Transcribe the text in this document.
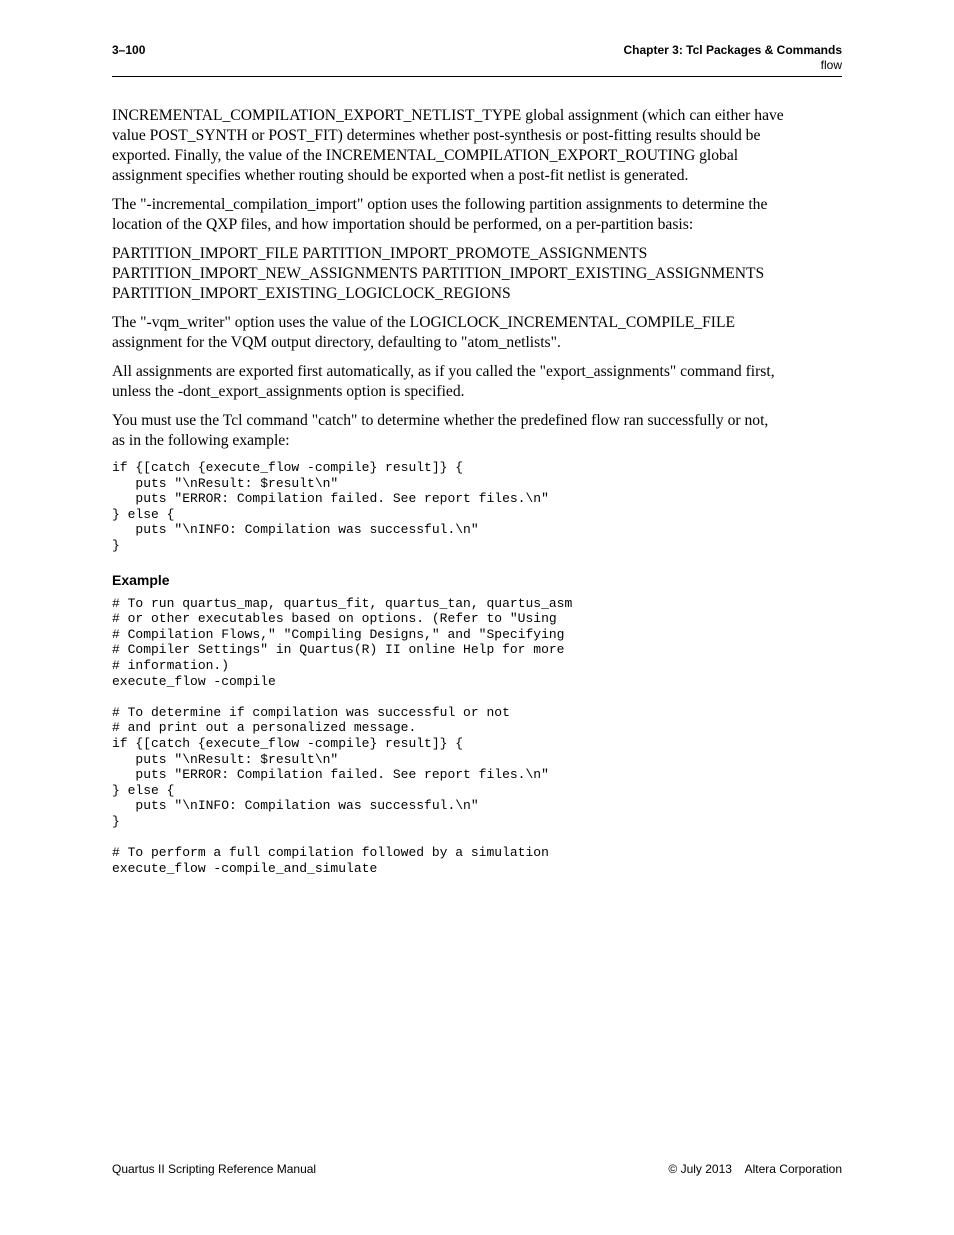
3–100	Chapter 3: Tcl Packages & Commands
flow

INCREMENTAL_COMPILATION_EXPORT_NETLIST_TYPE global assignment (which can either have
value POST_SYNTH or POST_FIT) determines whether post-synthesis or post-fitting results should be
exported. Finally, the value of the INCREMENTAL_COMPILATION_EXPORT_ROUTING global
assignment specifies whether routing should be exported when a post-fit netlist is generated.

The "-incremental_compilation_import" option uses the following partition assignments to determine the
location of the QXP files, and how importation should be performed, on a per-partition basis:

PARTITION_IMPORT_FILE PARTITION_IMPORT_PROMOTE_ASSIGNMENTS
PARTITION_IMPORT_NEW_ASSIGNMENTS PARTITION_IMPORT_EXISTING_ASSIGNMENTS
PARTITION_IMPORT_EXISTING_LOGICLOCK_REGIONS

The "-vqm_writer" option uses the value of the LOGICLOCK_INCREMENTAL_COMPILE_FILE
assignment for the VQM output directory, defaulting to "atom_netlists".

All assignments are exported first automatically, as if you called the "export_assignments" command first,
unless the -dont_export_assignments option is specified.

You must use the Tcl command "catch" to determine whether the predefined flow ran successfully or not,
as in the following example:

if {[catch {execute_flow -compile} result]} {
puts "\nResult: $result\n"
puts "ERROR: Compilation failed. See report files.\n"
} else {
puts "\nINFO: Compilation was successful.\n"
}
Example
# To run quartus_map, quartus_fit, quartus_tan, quartus_asm
# or other executables based on options. (Refer to "Using
# Compilation Flows," "Compiling Designs," and "Specifying
# Compiler Settings" in Quartus(R) II online Help for more
# information.)
execute_flow -compile

# To determine if compilation was successful or not
# and print out a personalized message.
if {[catch {execute_flow -compile} result]} {
puts "\nResult: $result\n"
puts "ERROR: Compilation failed. See report files.\n"
} else {
puts "\nINFO: Compilation was successful.\n"
}

# To perform a full compilation followed by a simulation
execute_flow -compile_and_simulate
Quartus II Scripting Reference Manual	© July 2013    Altera Corporation
